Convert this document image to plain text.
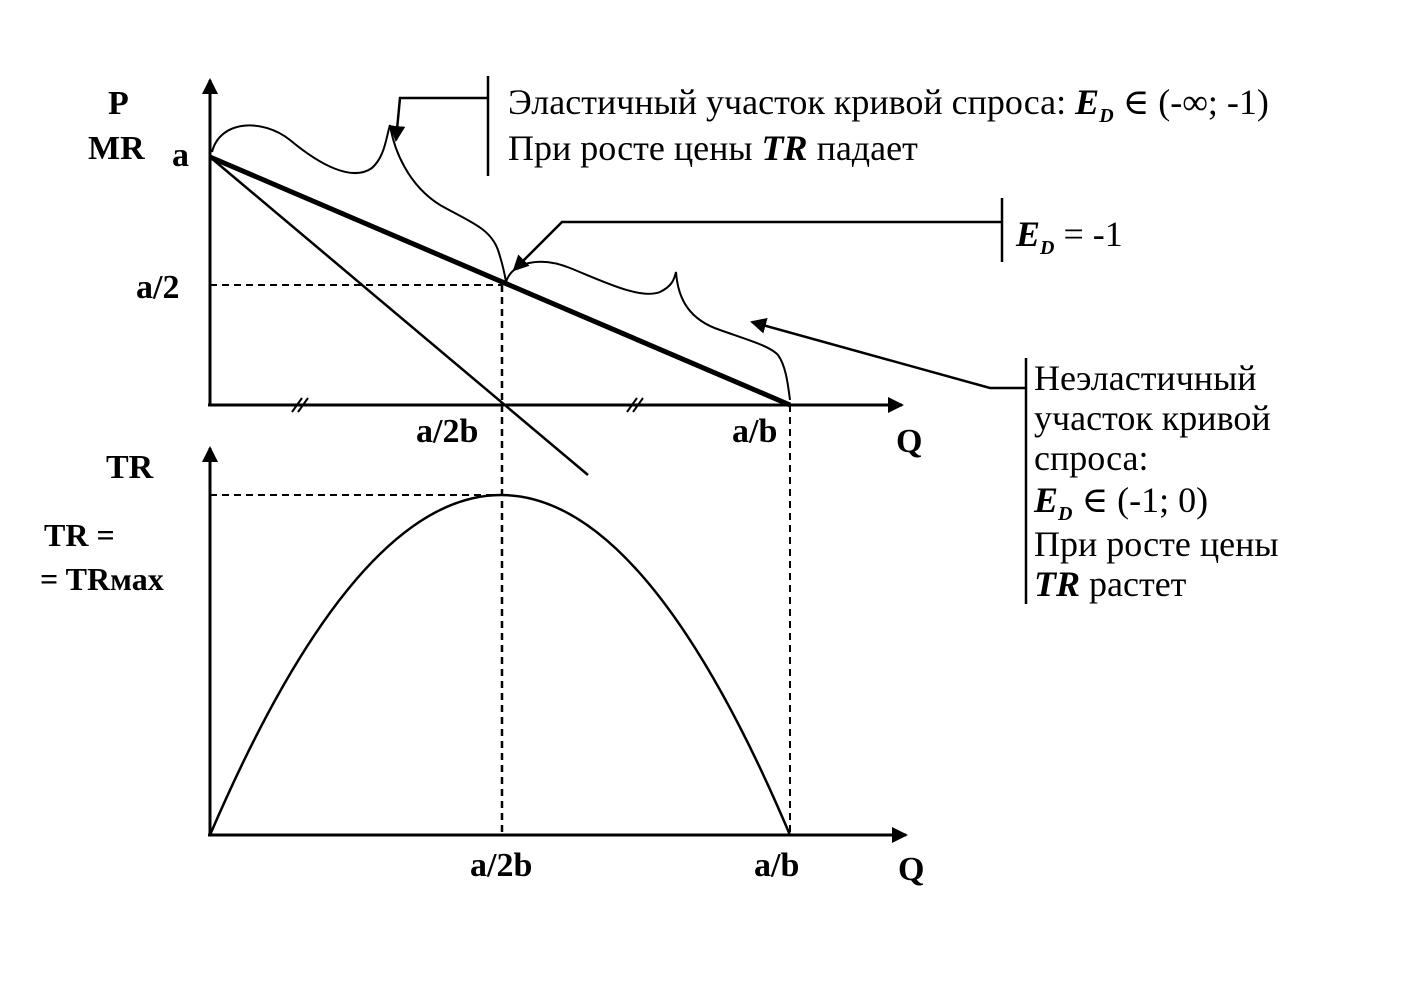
P
MR a
a/2
a/2b	a/b	Q
Эластичный участок кривой спроса: $E_D$ ∈ (-∞; -1)
При росте цены TR падает
$E_D = -1$
Неэластичный
участок кривой
спроса:
$E_D$ ∈ (-1; 0)
При росте цены
TR растет
TR
TR =
= TRмах
a/2b	a/b	Q
